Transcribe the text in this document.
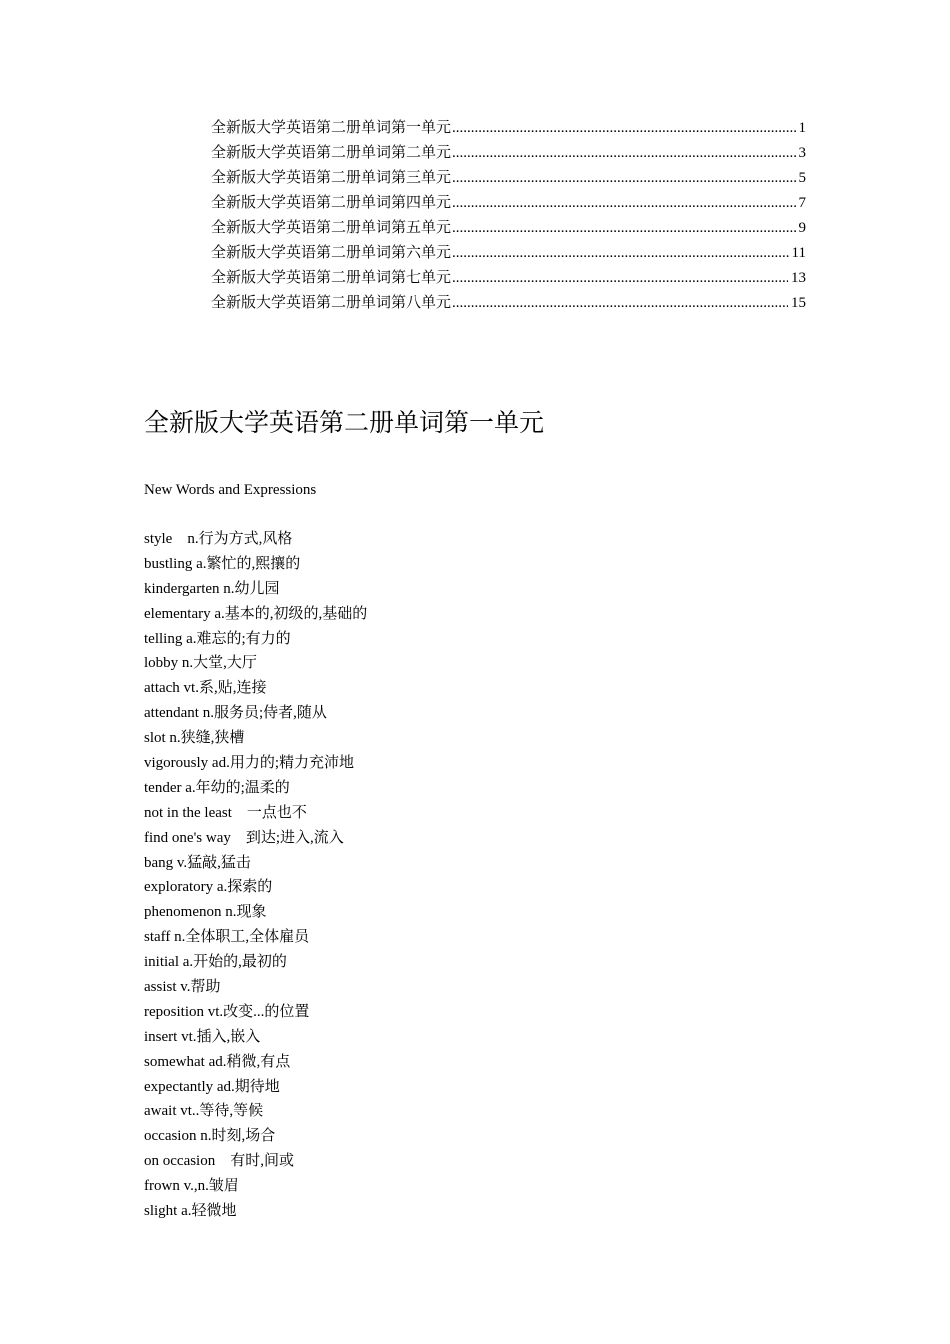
全新版大学英语第二册单词第一单元 .....	1
全新版大学英语第二册单词第二单元 .....	3
全新版大学英语第二册单词第三单元 .....	5
全新版大学英语第二册单词第四单元 .....	7
全新版大学英语第二册单词第五单元 .....	9
全新版大学英语第二册单词第六单元 .....	11
全新版大学英语第二册单词第七单元 .....	13
全新版大学英语第二册单词第八单元 .....	15
全新版大学英语第二册单词第一单元
New Words and Expressions
style    n.行为方式,风格
bustling a.繁忙的,熙攘的
kindergarten n.幼儿园
elementary a.基本的,初级的,基础的
telling a.难忘的;有力的
lobby n.大堂,大厅
attach vt.系,贴,连接
attendant n.服务员;侍者,随从
slot n.狭缝,狭槽
vigorously ad.用力的;精力充沛地
tender a.年幼的;温柔的
not in the least    一点也不
find one's way    到达;进入,流入
bang v.猛敲,猛击
exploratory a.探索的
phenomenon n.现象
staff n.全体职工,全体雇员
initial a.开始的,最初的
assist v.帮助
reposition vt.改变...的位置
insert vt.插入,嵌入
somewhat ad.稍微,有点
expectantly ad.期待地
await vt..等待,等候
occasion n.时刻,场合
on occasion    有时,间或
frown v.,n.皱眉
slight a.轻微地
